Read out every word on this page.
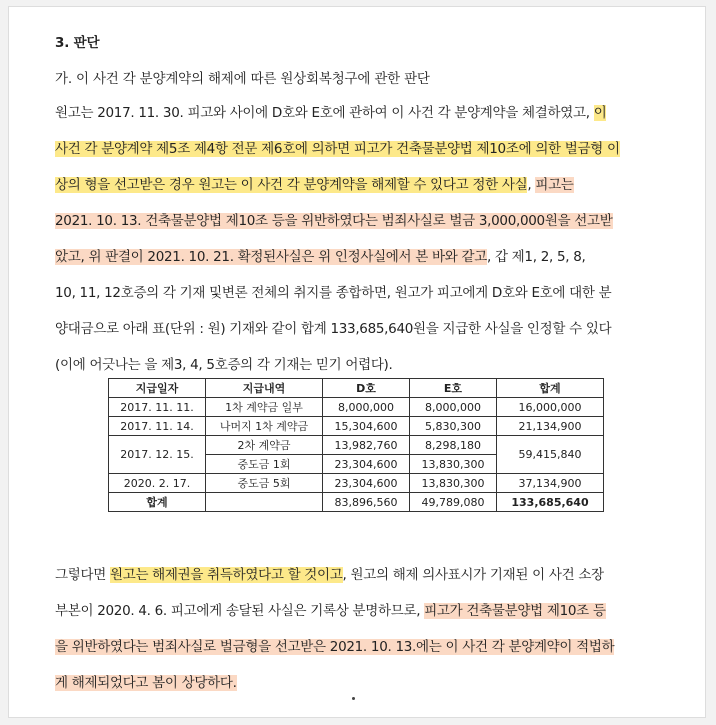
3. 판단
가. 이 사건 각 분양계약의 해제에 따른 원상회복청구에 관한 판단
원고는 2017. 11. 30. 피고와 사이에 D호와 E호에 관하여 이 사건 각 분양계약을 체결하였고, 이
사건 각 분양계약 제5조 제4항 전문 제6호에 의하면 피고가 건축물분양법 제10조에 의한 벌금형 이
상의 형을 선고받은 경우 원고는 이 사건 각 분양계약을 해제할 수 있다고 정한 사실, 피고는
2021. 10. 13. 건축물분양법 제10조 등을 위반하였다는 범죄사실로 벌금 3,000,000원을 선고받
았고, 위 판결이 2021. 10. 21. 확정된사실은 위 인정사실에서 본 바와 같고, 갑 제1, 2, 5, 8,
10, 11, 12호증의 각 기재 및변론 전체의 취지를 종합하면, 원고가 피고에게 D호와 E호에 대한 분
양대금으로 아래 표(단위 : 원) 기재와 같이 합계 133,685,640원을 지급한 사실을 인정할 수 있다
(이에 어긋나는 을 제3, 4, 5호증의 각 기재는 믿기 어렵다).
지급일자	지급내역	D호	E호	합계
2017. 11. 11.	1차 계약금 일부	8,000,000	8,000,000	16,000,000
2017. 11. 14.	나머지 1차 계약금	15,304,600	5,830,300	21,134,900
2017. 12. 15.	2차 계약금	13,982,760	8,298,180	59,415,840
	중도금 1회	23,304,600	13,830,300	
2020. 2. 17.	중도금 5회	23,304,600	13,830,300	37,134,900
합계		83,896,560	49,789,080	133,685,640
그렇다면 원고는 해제권을 취득하였다고 할 것이고, 원고의 해제 의사표시가 기재된 이 사건 소장
부본이 2020. 4. 6. 피고에게 송달된 사실은 기록상 분명하므로, 피고가 건축물분양법 제10조 등
을 위반하였다는 범죄사실로 벌금형을 선고받은 2021. 10. 13.에는 이 사건 각 분양계약이 적법하
게 해제되었다고 봄이 상당하다.
